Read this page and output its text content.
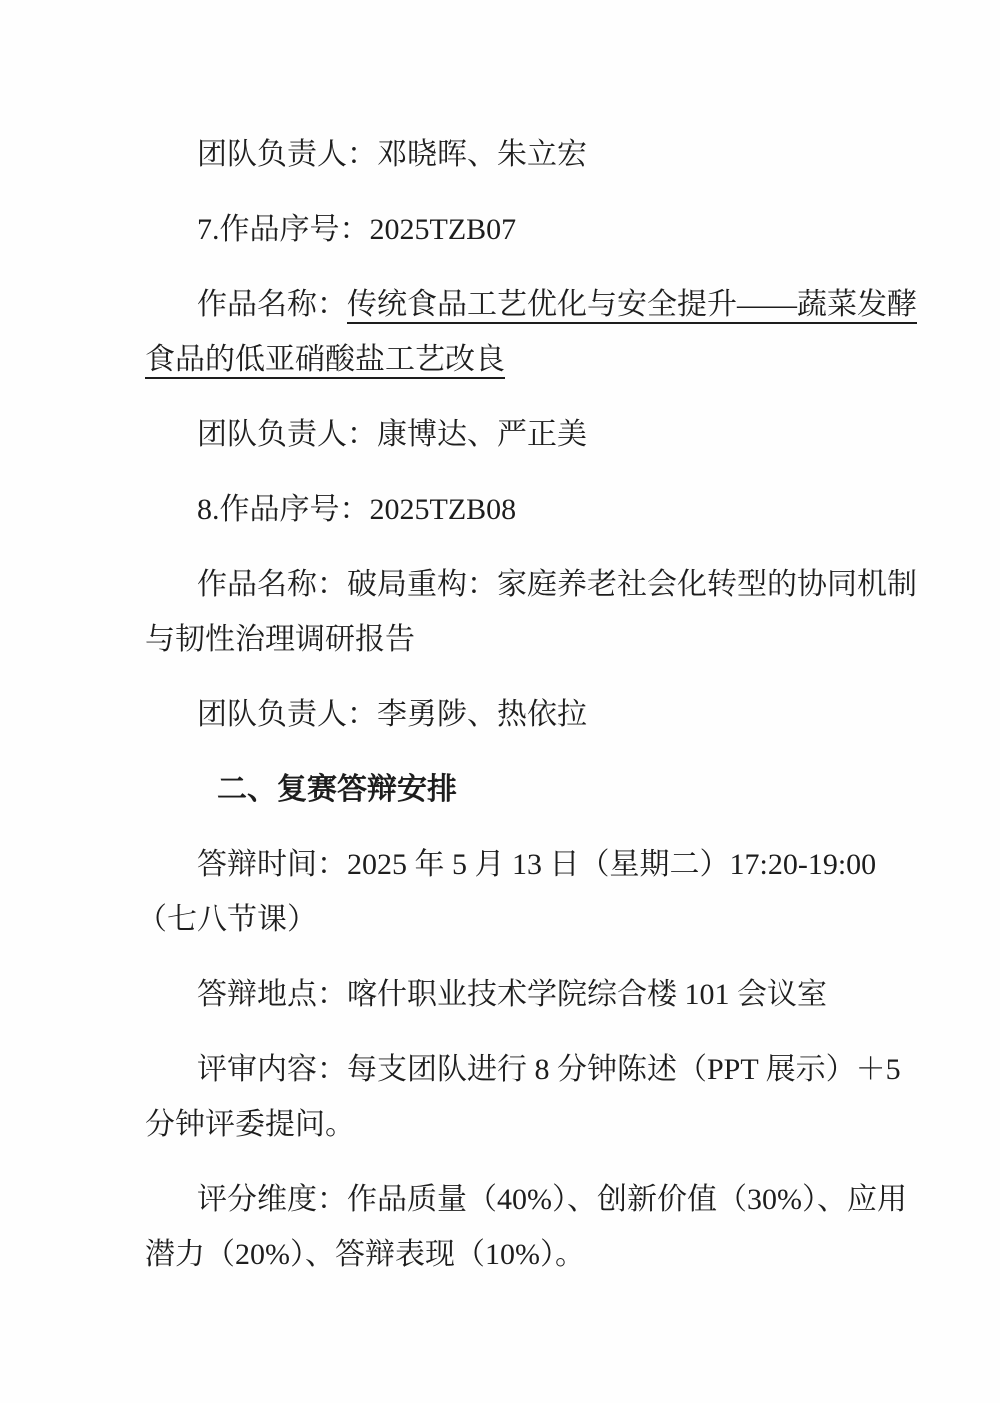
团队负责人：邓晓晖、朱立宏

7.作品序号：2025TZB07

作品名称：传统食品工艺优化与安全提升——蔬菜发酵
食品的低亚硝酸盐工艺改良

团队负责人：康博达、严正美

8.作品序号：2025TZB08

作品名称：破局重构：家庭养老社会化转型的协同机制
与韧性治理调研报告

团队负责人：李勇陟、热依拉

二、复赛答辩安排

答辩时间：2025 年 5 月 13 日（星期二）17:20-19:00
（七八节课）

答辩地点：喀什职业技术学院综合楼 101 会议室

评审内容：每支团队进行 8 分钟陈述（PPT 展示）＋5
分钟评委提问。

评分维度：作品质量（40%）、创新价值（30%）、应用
潜力（20%）、答辩表现（10%）。
